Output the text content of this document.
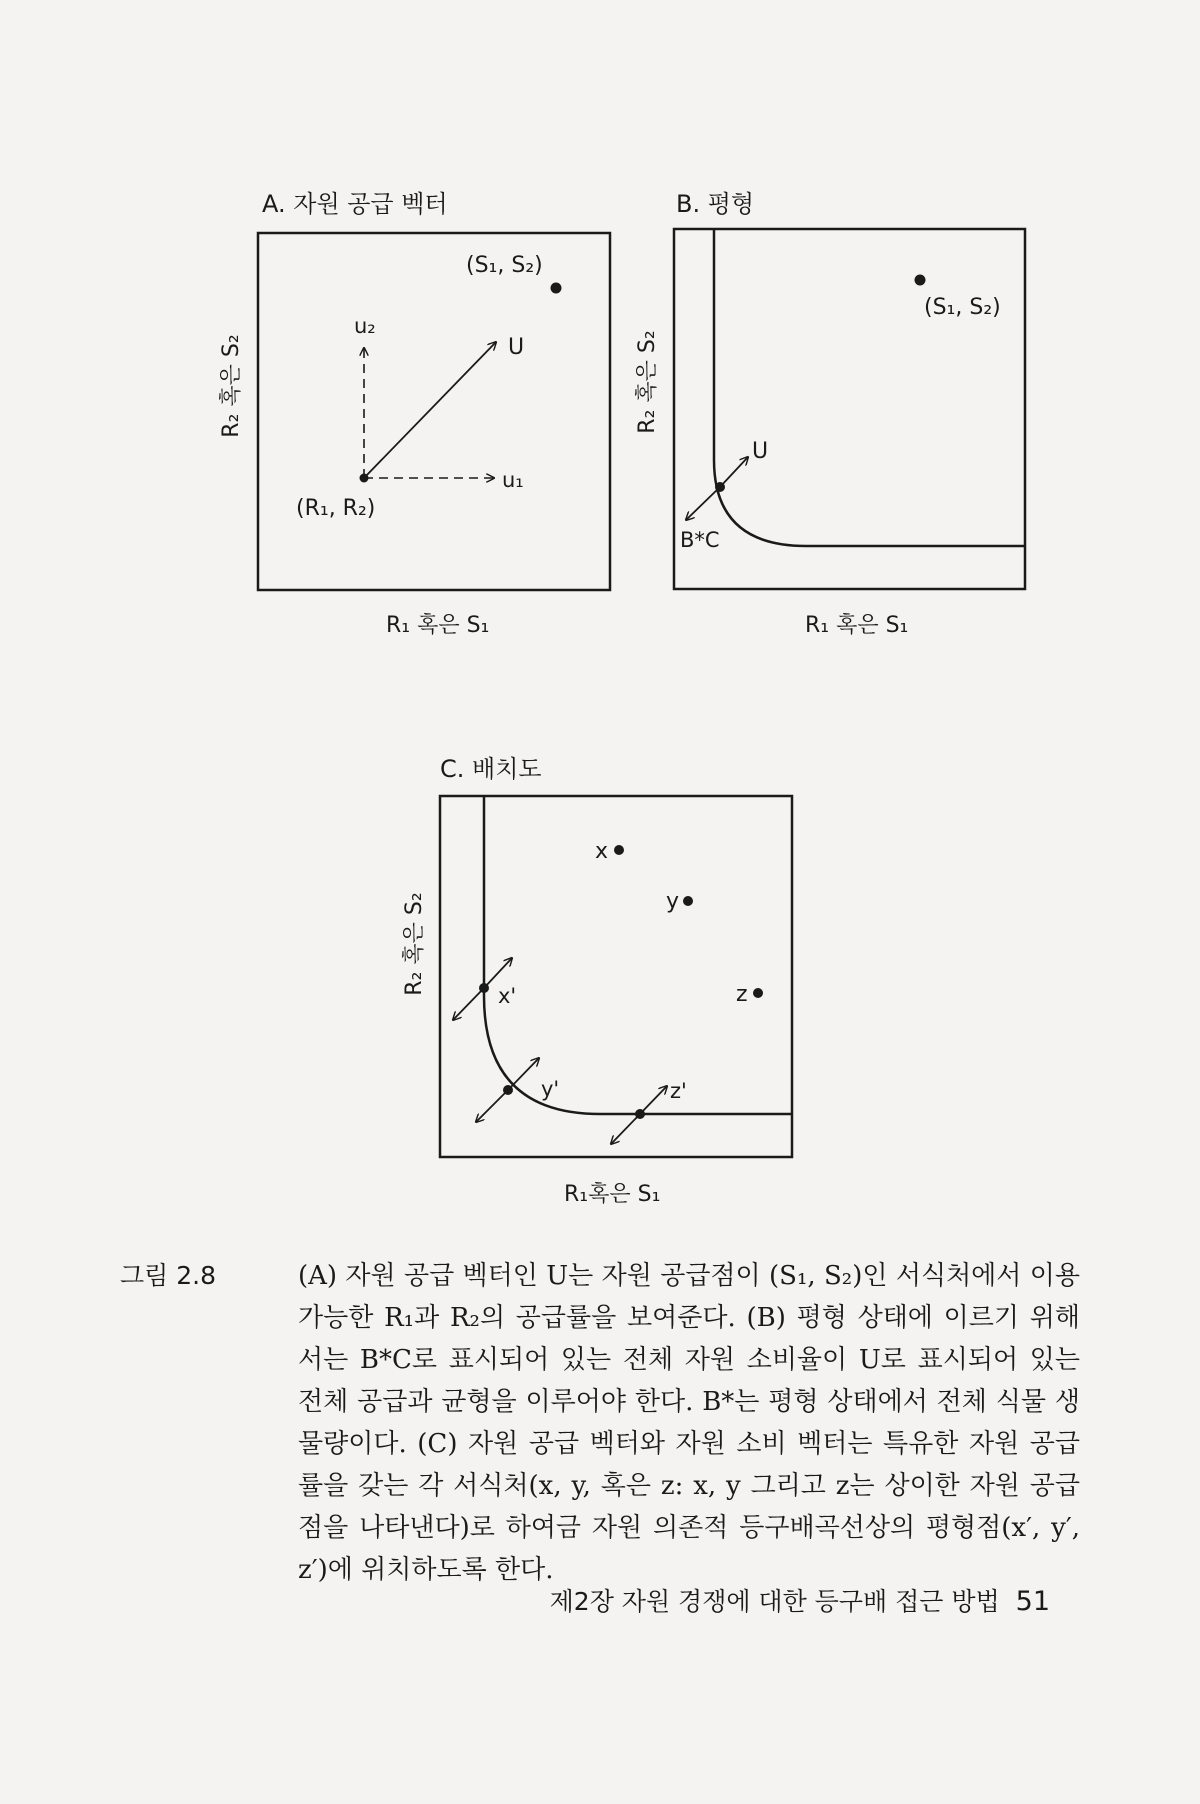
A. 자원 공급 벡터
(S₁, S₂)
u₂
U
u₁
(R₁, R₂)
R₁ 혹은 S₁
R₂ 혹은 S₂
B. 평형
(S₁, S₂)
U
B*C
R₁ 혹은 S₁
R₂ 혹은 S₂
C. 배치도
x
y
z
x'
y'	z'
R₁혹은 S₁
R₂ 혹은 S₂
그림 2.8	(A) 자원 공급 벡터인 U는 자원 공급점이 (S₁, S₂)인 서식처에서 이용 가능한 R₁과 R₂의 공급률을 보여준다. (B) 평형 상태에 이르기 위해서는 B*C로 표시되어 있는 전체 자원 소비율이 U로 표시되어 있는 전체 공급과 균형을 이루어야 한다. B*는 평형 상태에서 전체 식물 생물량이다. (C) 자원 공급 벡터와 자원 소비 벡터는 특유한 자원 공급률을 갖는 각 서식처(x, y, 혹은 z: x, y 그리고 z는 상이한 자원 공급점을 나타낸다)로 하여금 자원 의존적 등구배곡선상의 평형점(x′, y′, z′)에 위치하도록 한다.
제2장 자원 경쟁에 대한 등구배 접근 방법 51
